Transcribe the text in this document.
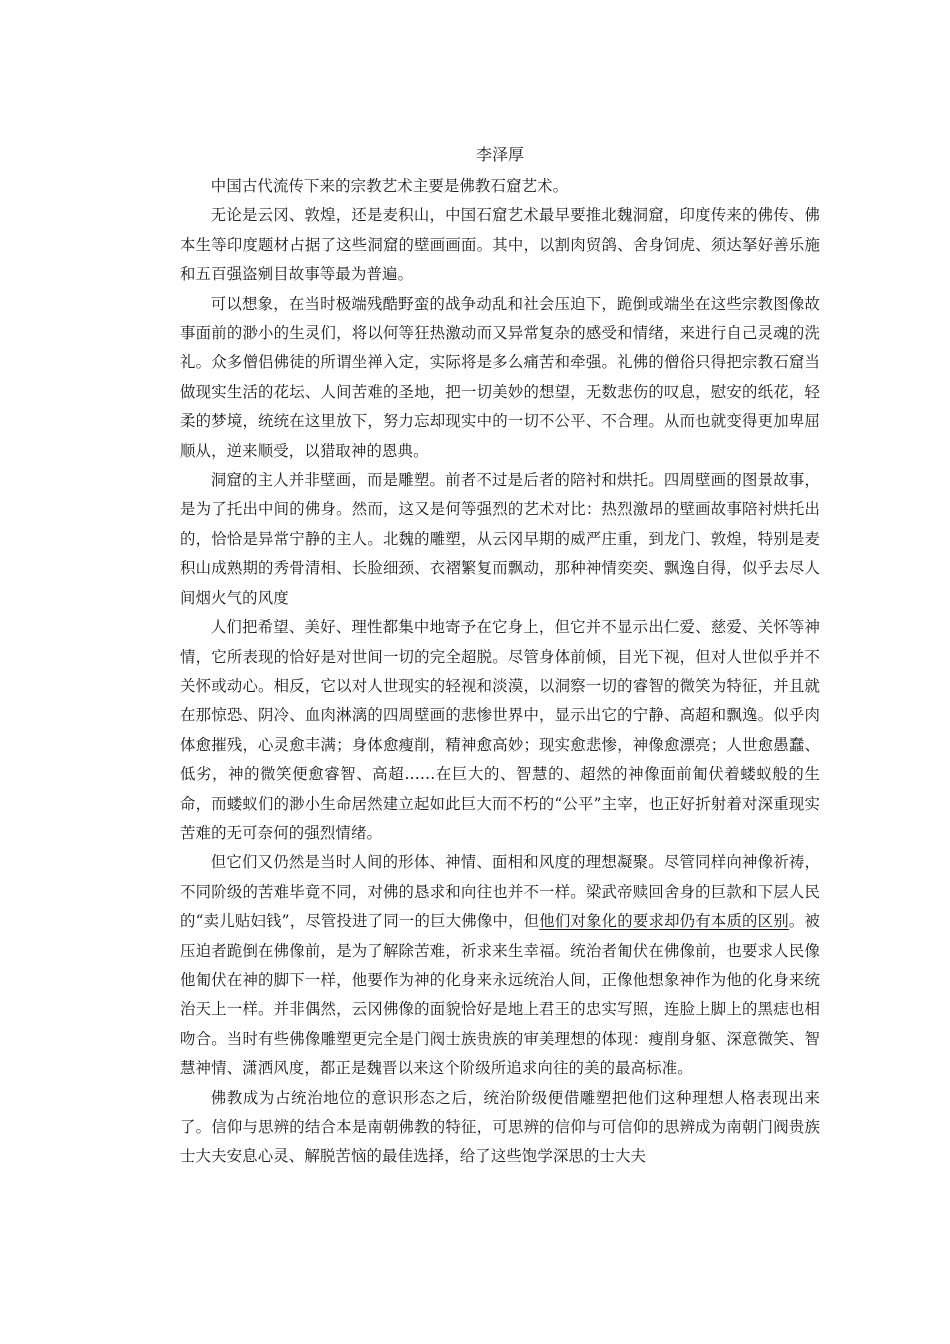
李泽厚

中国古代流传下来的宗教艺术主要是佛教石窟艺术。

无论是云冈、敦煌，还是麦积山，中国石窟艺术最早要推北魏洞窟，印度传来的佛传、佛本生等印度题材占据了这些洞窟的壁画画面。其中，以割肉贸鸽、舍身饲虎、须达拏好善乐施和五百强盗剜目故事等最为普遍。

可以想象，在当时极端残酷野蛮的战争动乱和社会压迫下，跪倒或端坐在这些宗教图像故事面前的渺小的生灵们，将以何等狂热激动而又异常复杂的感受和情绪，来进行自己灵魂的洗礼。众多僧侣佛徒的所谓坐禅入定，实际将是多么痛苦和牵强。礼佛的僧俗只得把宗教石窟当做现实生活的花坛、人间苦难的圣地，把一切美妙的想望，无数悲伤的叹息，慰安的纸花，轻柔的梦境，统统在这里放下，努力忘却现实中的一切不公平、不合理。从而也就变得更加卑屈顺从，逆来顺受，以猎取神的恩典。

洞窟的主人并非壁画，而是雕塑。前者不过是后者的陪衬和烘托。四周壁画的图景故事，是为了托出中间的佛身。然而，这又是何等强烈的艺术对比：热烈激昂的壁画故事陪衬烘托出的，恰恰是异常宁静的主人。北魏的雕塑，从云冈早期的威严庄重，到龙门、敦煌，特别是麦积山成熟期的秀骨清相、长脸细颈、衣褶繁复而飘动，那种神情奕奕、飘逸自得，似乎去尽人间烟火气的风度

人们把希望、美好、理性都集中地寄予在它身上，但它并不显示出仁爱、慈爱、关怀等神情，它所表现的恰好是对世间一切的完全超脱。尽管身体前倾，目光下视，但对人世似乎并不关怀或动心。相反，它以对人世现实的轻视和淡漠，以洞察一切的睿智的微笑为特征，并且就在那惊恐、阴冷、血肉淋漓的四周壁画的悲惨世界中，显示出它的宁静、高超和飘逸。似乎肉体愈摧残，心灵愈丰满；身体愈瘦削，精神愈高妙；现实愈悲惨，神像愈漂亮；人世愈愚蠢、低劣，神的微笑便愈睿智、高超……在巨大的、智慧的、超然的神像面前匍伏着蝼蚁般的生命，而蝼蚁们的渺小生命居然建立起如此巨大而不朽的“公平”主宰，也正好折射着对深重现实苦难的无可奈何的强烈情绪。

但它们又仍然是当时人间的形体、神情、面相和风度的理想凝聚。尽管同样向神像祈祷，不同阶级的苦难毕竟不同，对佛的恳求和向往也并不一样。梁武帝赎回舍身的巨款和下层人民的“卖儿贴妇钱”，尽管投进了同一的巨大佛像中，但他们对象化的要求却仍有本质的区别。被压迫者跪倒在佛像前，是为了解除苦难，祈求来生幸福。统治者匍伏在佛像前，也要求人民像他匍伏在神的脚下一样，他要作为神的化身来永远统治人间，正像他想象神作为他的化身来统治天上一样。并非偶然，云冈佛像的面貌恰好是地上君王的忠实写照，连脸上脚上的黑痣也相吻合。当时有些佛像雕塑更完全是门阀士族贵族的审美理想的体现：瘦削身躯、深意微笑、智慧神情、潇洒风度，都正是魏晋以来这个阶级所追求向往的美的最高标准。

佛教成为占统治地位的意识形态之后，统治阶级便借雕塑把他们这种理想人格表现出来了。信仰与思辨的结合本是南朝佛教的特征，可思辨的信仰与可信仰的思辨成为南朝门阀贵族士大夫安息心灵、解脱苦恼的最佳选择，给了这些饱学深思的士大夫
